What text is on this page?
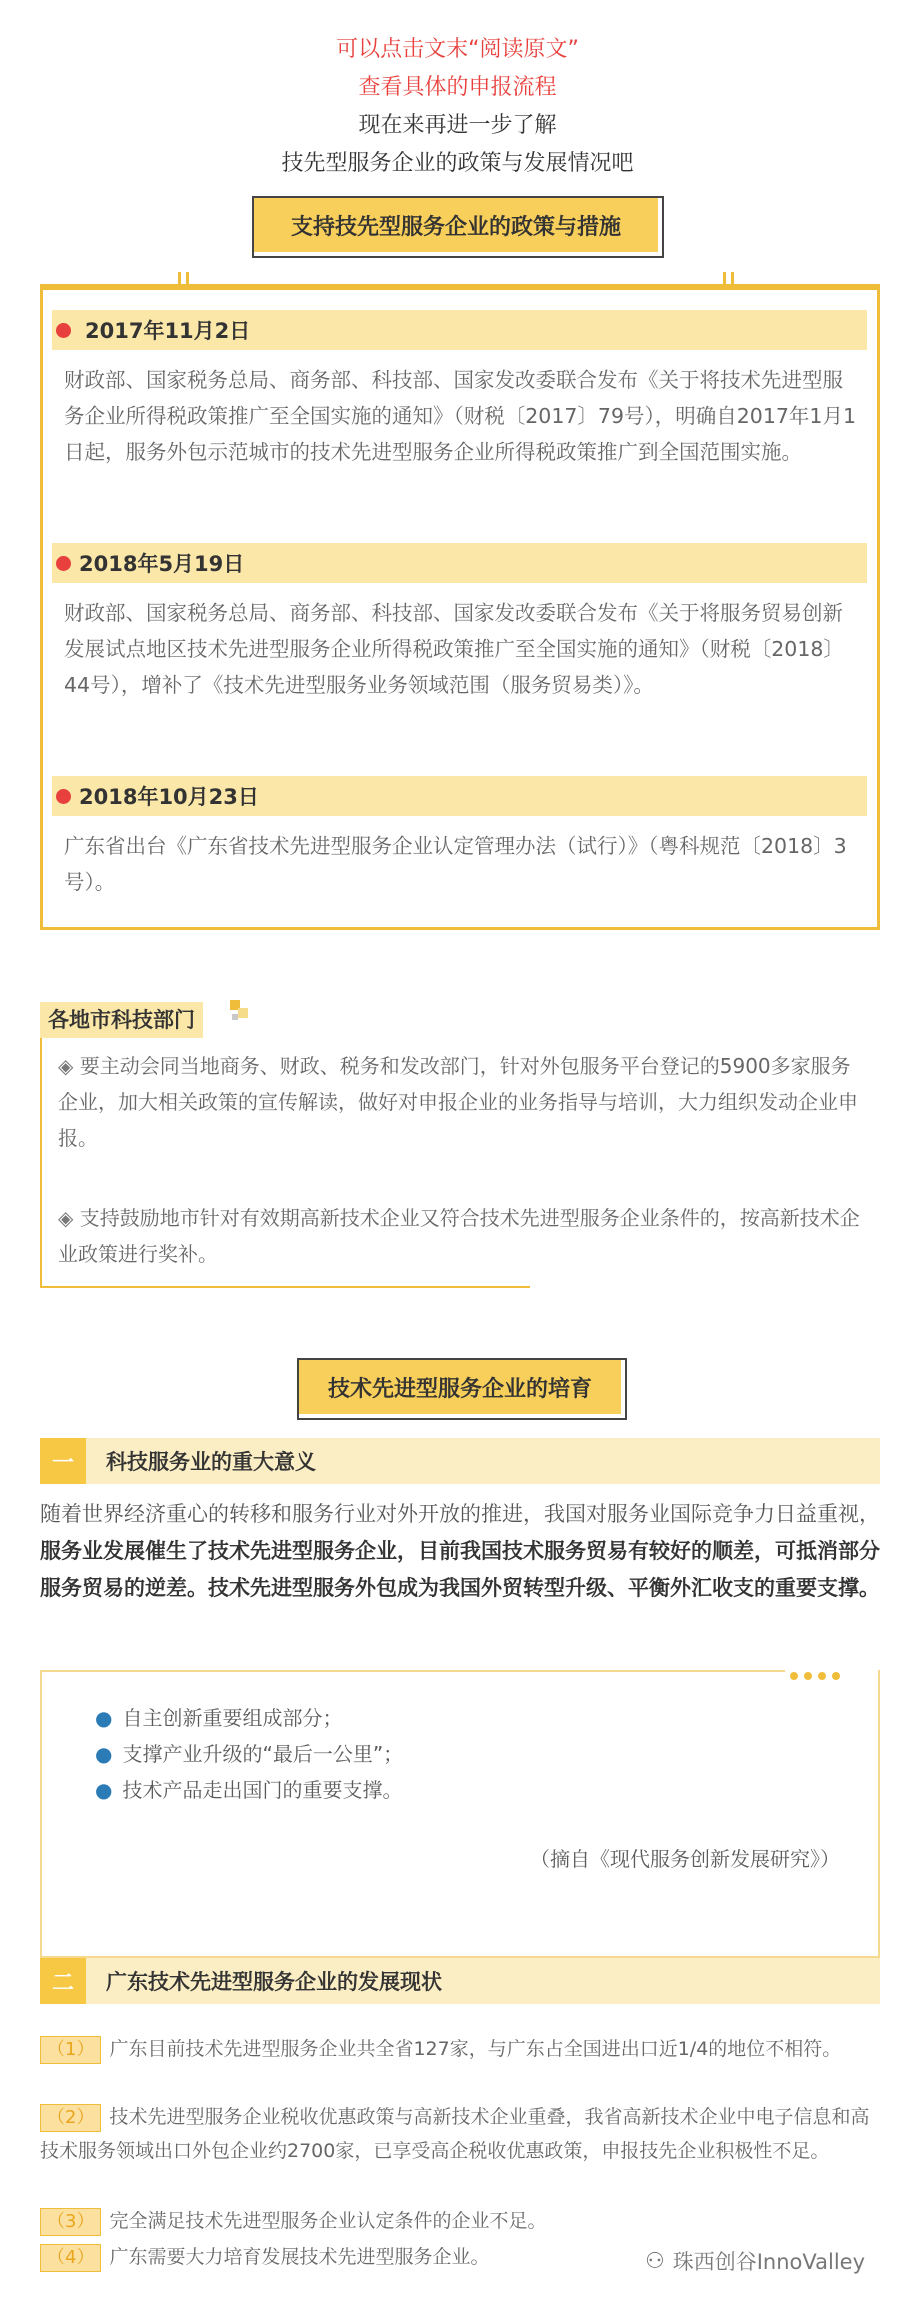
可以点击文末“阅读原文”
查看具体的申报流程
现在来再进一步了解
技先型服务企业的政策与发展情况吧
支持技先型服务企业的政策与措施
2017年11月2日
财政部、国家税务总局、商务部、科技部、国家发改委联合发布《关于将技术先进型服务企业所得税政策推广至全国实施的通知》（财税〔2017〕79号），明确自2017年1月1日起，服务外包示范城市的技术先进型服务企业所得税政策推广到全国范围实施。
2018年5月19日
财政部、国家税务总局、商务部、科技部、国家发改委联合发布《关于将服务贸易创新发展试点地区技术先进型服务企业所得税政策推广至全国实施的通知》（财税〔2018〕44号），增补了《技术先进型服务业务领域范围（服务贸易类）》。
2018年10月23日
广东省出台《广东省技术先进型服务企业认定管理办法（试行）》（粤科规范〔2018〕3号）。
各地市科技部门
◈ 要主动会同当地商务、财政、税务和发改部门，针对外包服务平台登记的5900多家服务企业，加大相关政策的宣传解读，做好对申报企业的业务指导与培训，大力组织发动企业申报。
◈ 支持鼓励地市针对有效期高新技术企业又符合技术先进型服务企业条件的，按高新技术企业政策进行奖补。
技术先进型服务企业的培育
一	科技服务业的重大意义
随着世界经济重心的转移和服务行业对外开放的推进，我国对服务业国际竞争力日益重视，服务业发展催生了技术先进型服务企业，目前我国技术服务贸易有较好的顺差，可抵消部分服务贸易的逆差。技术先进型服务外包成为我国外贸转型升级、平衡外汇收支的重要支撑。
● 自主创新重要组成部分；
● 支撑产业升级的“最后一公里”；
● 技术产品走出国门的重要支撑。
（摘自《现代服务创新发展研究》）
二	广东技术先进型服务企业的发展现状
（1） 广东目前技术先进型服务企业共全省127家，与广东占全国进出口近1/4的地位不相符。
（2） 技术先进型服务企业税收优惠政策与高新技术企业重叠，我省高新技术企业中电子信息和高技术服务领域出口外包企业约2700家，已享受高企税收优惠政策，申报技先企业积极性不足。
（3） 完全满足技术先进型服务企业认定条件的企业不足。
（4） 广东需要大力培育发展技术先进型服务企业。	⚇ 珠西创谷InnoValley
